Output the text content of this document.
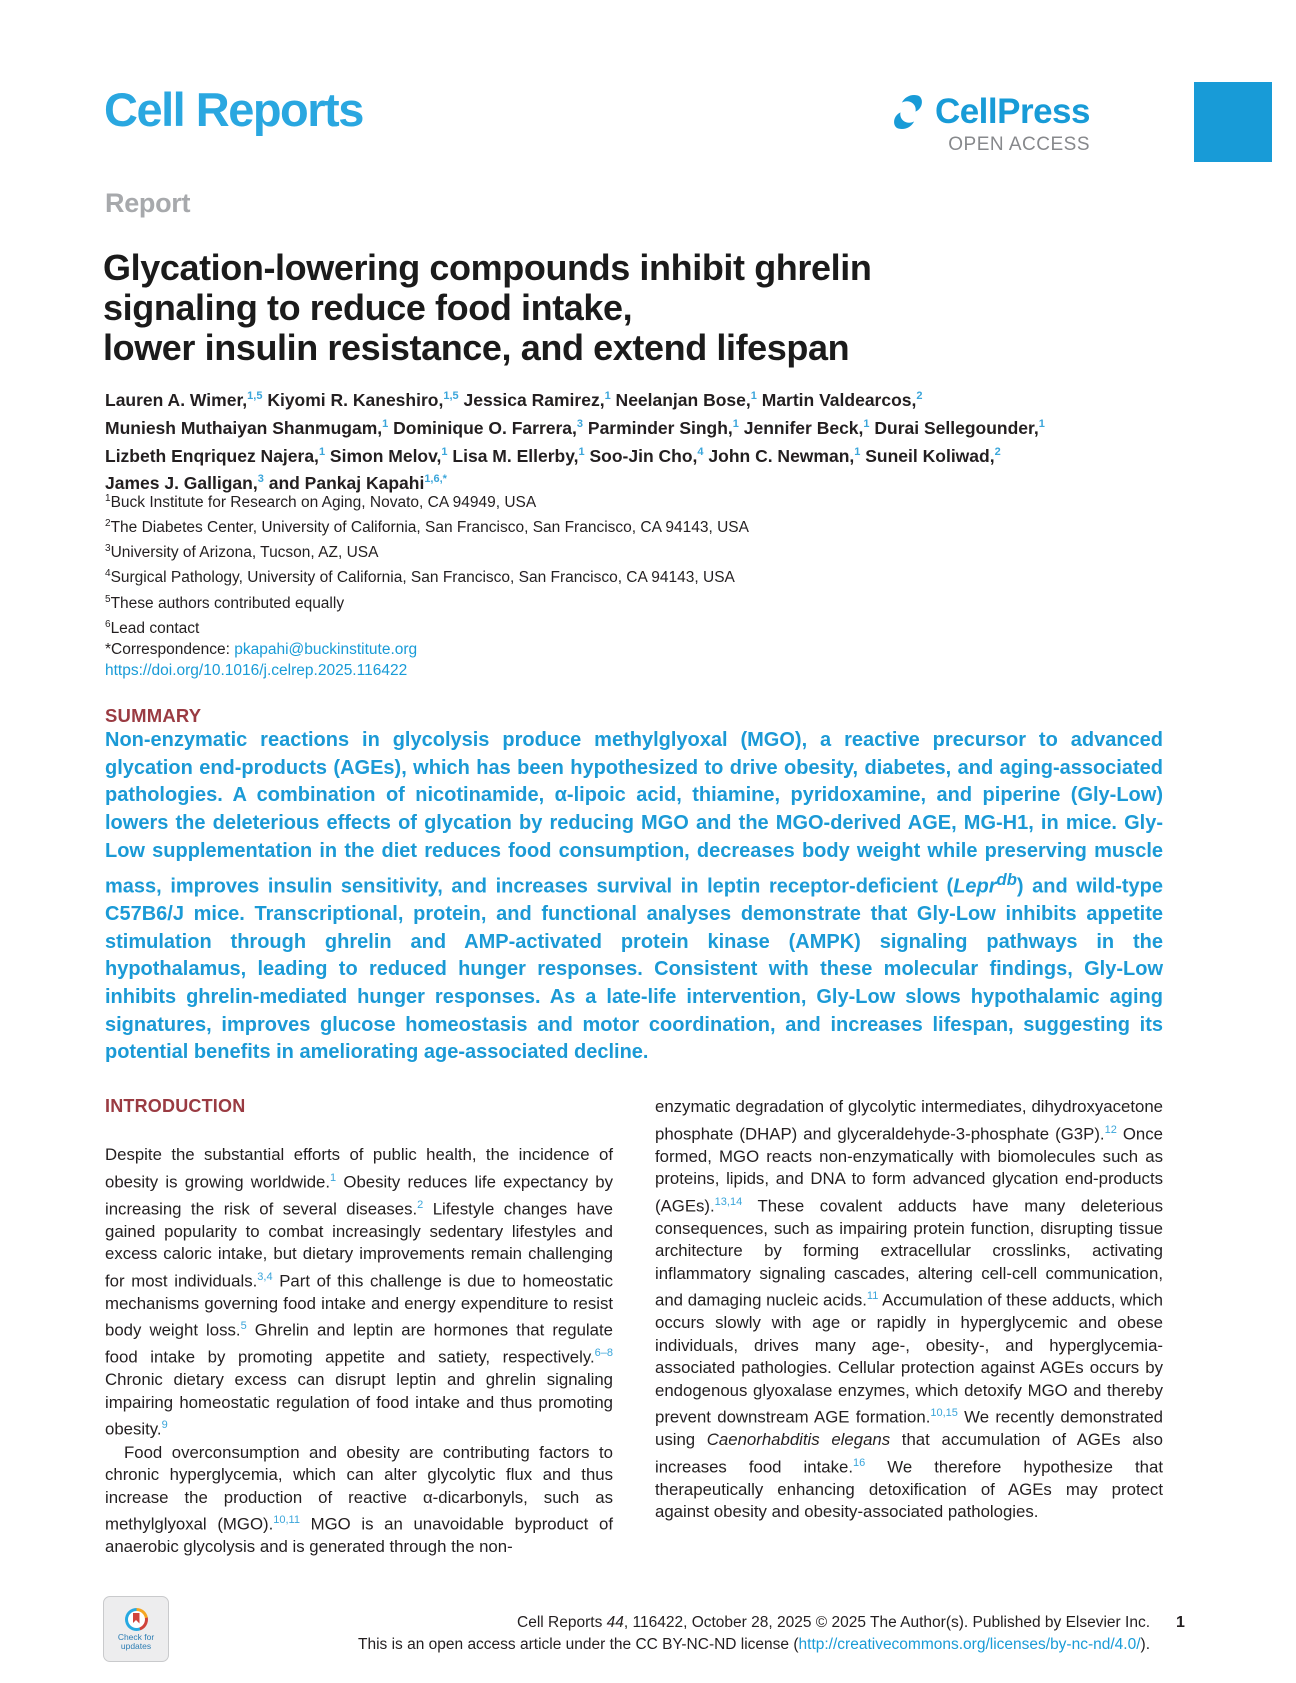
Cell Reports	CellPress
OPEN ACCESS
Report
Glycation-lowering compounds inhibit ghrelin
signaling to reduce food intake,
lower insulin resistance, and extend lifespan
Lauren A. Wimer,$^{1,5}$ Kiyomi R. Kaneshiro,$^{1,5}$ Jessica Ramirez,$^1$ Neelanjan Bose,$^1$ Martin Valdearcos,$^2$
Muniesh Muthaiyan Shanmugam,$^1$ Dominique O. Farrera,$^3$ Parminder Singh,$^1$ Jennifer Beck,$^1$ Durai Sellegounder,$^1$
Lizbeth Enqriquez Najera,$^1$ Simon Melov,$^1$ Lisa M. Ellerby,$^1$ Soo-Jin Cho,$^4$ John C. Newman,$^1$ Suneil Koliwad,$^2$
James J. Galligan,$^3$ and Pankaj Kapahi$^{1,6,*}$
$^1$Buck Institute for Research on Aging, Novato, CA 94949, USA
$^2$The Diabetes Center, University of California, San Francisco, San Francisco, CA 94143, USA
$^3$University of Arizona, Tucson, AZ, USA
$^4$Surgical Pathology, University of California, San Francisco, San Francisco, CA 94143, USA
$^5$These authors contributed equally
$^6$Lead contact
*Correspondence: pkapahi@buckinstitute.org
https://doi.org/10.1016/j.celrep.2025.116422
SUMMARY

Non-enzymatic reactions in glycolysis produce methylglyoxal (MGO), a reactive precursor to advanced glycation end-products (AGEs), which has been hypothesized to drive obesity, diabetes, and aging-associated pathologies. A combination of nicotinamide, α-lipoic acid, thiamine, pyridoxamine, and piperine (Gly-Low) lowers the deleterious effects of glycation by reducing MGO and the MGO-derived AGE, MG-H1, in mice. Gly-Low supplementation in the diet reduces food consumption, decreases body weight while preserving muscle mass, improves insulin sensitivity, and increases survival in leptin receptor-deficient (Lepr$^{db}$) and wild-type C57B6/J mice. Transcriptional, protein, and functional analyses demonstrate that Gly-Low inhibits appetite stimulation through ghrelin and AMP-activated protein kinase (AMPK) signaling pathways in the hypothalamus, leading to reduced hunger responses. Consistent with these molecular findings, Gly-Low inhibits ghrelin-mediated hunger responses. As a late-life intervention, Gly-Low slows hypothalamic aging signatures, improves glucose homeostasis and motor coordination, and increases lifespan, suggesting its potential benefits in ameliorating age-associated decline.

INTRODUCTION

Despite the substantial efforts of public health, the incidence of obesity is growing worldwide.$^1$ Obesity reduces life expectancy by increasing the risk of several diseases.$^2$ Lifestyle changes have gained popularity to combat increasingly sedentary lifestyles and excess caloric intake, but dietary improvements remain challenging for most individuals.$^{3,4}$ Part of this challenge is due to homeostatic mechanisms governing food intake and energy expenditure to resist body weight loss.$^5$ Ghrelin and leptin are hormones that regulate food intake by promoting appetite and satiety, respectively.$^{6-8}$ Chronic dietary excess can disrupt leptin and ghrelin signaling impairing homeostatic regulation of food intake and thus promoting obesity.$^9$

Food overconsumption and obesity are contributing factors to chronic hyperglycemia, which can alter glycolytic flux and thus increase the production of reactive α-dicarbonyls, such as methylglyoxal (MGO).$^{10,11}$ MGO is an unavoidable byproduct of anaerobic glycolysis and is generated through the non-

enzymatic degradation of glycolytic intermediates, dihydroxyacetone phosphate (DHAP) and glyceraldehyde-3-phosphate (G3P).$^{12}$ Once formed, MGO reacts non-enzymatically with biomolecules such as proteins, lipids, and DNA to form advanced glycation end-products (AGEs).$^{13,14}$ These covalent adducts have many deleterious consequences, such as impairing protein function, disrupting tissue architecture by forming extracellular crosslinks, activating inflammatory signaling cascades, altering cell-cell communication, and damaging nucleic acids.$^{11}$ Accumulation of these adducts, which occurs slowly with age or rapidly in hyperglycemic and obese individuals, drives many age-, obesity-, and hyperglycemia-associated pathologies. Cellular protection against AGEs occurs by endogenous glyoxalase enzymes, which detoxify MGO and thereby prevent downstream AGE formation.$^{10,15}$ We recently demonstrated using Caenorhabditis elegans that accumulation of AGEs also increases food intake.$^{16}$ We therefore hypothesize that therapeutically enhancing detoxification of AGEs may protect against obesity and obesity-associated pathologies.

Check for
updates
Cell Reports 44, 116422, October 28, 2025 © 2025 The Author(s). Published by Elsevier Inc.
This is an open access article under the CC BY-NC-ND license (http://creativecommons.org/licenses/by-nc-nd/4.0/).
1
